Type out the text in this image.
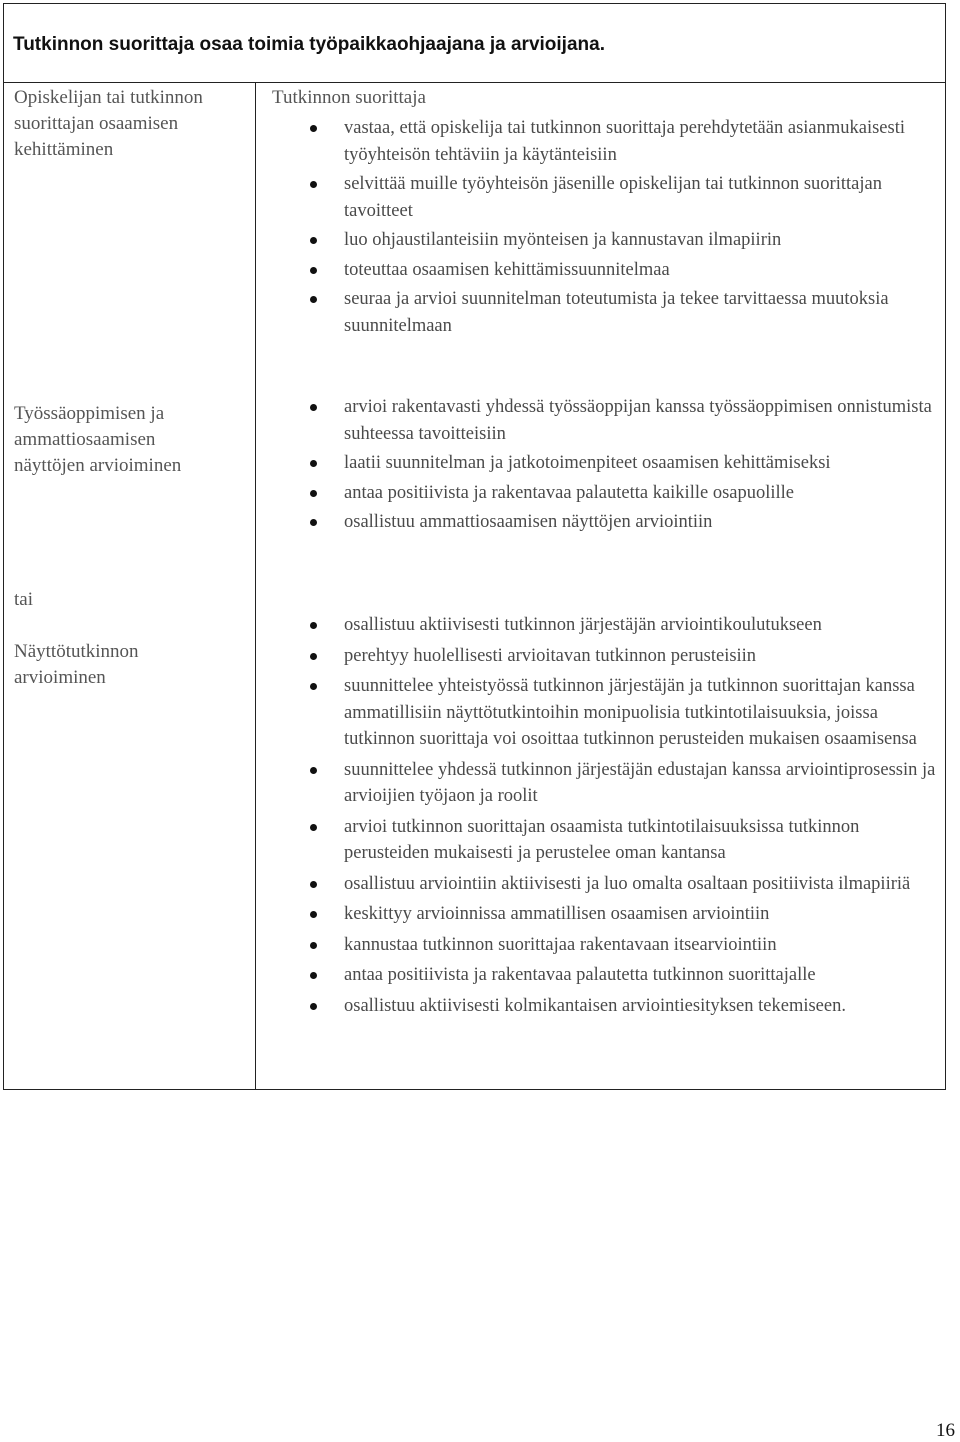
Tutkinnon suorittaja osaa toimia työpaikkaohjaajana ja arvioijana.
Opiskelijan tai tutkinnon
suorittajan osaamisen
kehittäminen
Tutkinnon suorittaja
vastaa, että opiskelija tai tutkinnon suorittaja perehdytetään asianmukaisesti työyhteisön tehtäviin ja käytänteisiin
selvittää muille työyhteisön jäsenille opiskelijan tai tutkinnon suorittajan tavoitteet
luo ohjaustilanteisiin myönteisen ja kannustavan ilmapiirin
toteuttaa osaamisen kehittämissuunnitelmaa
seuraa ja arvioi suunnitelman toteutumista ja tekee tarvittaessa muutoksia suunnitelmaan
Työssäoppimisen ja
ammattiosaamisen
näyttöjen arvioiminen
arvioi rakentavasti yhdessä työssäoppijan kanssa työssäoppimisen onnistumista suhteessa tavoitteisiin
laatii suunnitelman ja jatkotoimenpiteet osaamisen kehittämiseksi
antaa positiivista ja rakentavaa palautetta kaikille osapuolille
osallistuu ammattiosaamisen näyttöjen arviointiin
tai
Näyttötutkinnon
arvioiminen
osallistuu aktiivisesti tutkinnon järjestäjän arviointikoulutukseen
perehtyy huolellisesti arvioitavan tutkinnon perusteisiin
suunnittelee yhteistyössä tutkinnon järjestäjän ja tutkinnon suorittajan kanssa ammatillisiin näyttötutkintoihin monipuolisia tutkintotilaisuuksia, joissa tutkinnon suorittaja voi osoittaa tutkinnon perusteiden mukaisen osaamisensa
suunnittelee yhdessä tutkinnon järjestäjän edustajan kanssa arviointiprosessin ja arvioijien työjaon ja roolit
arvioi tutkinnon suorittajan osaamista tutkintotilaisuuksissa tutkinnon perusteiden mukaisesti ja perustelee oman kantansa
osallistuu arviointiin aktiivisesti ja luo omalta osaltaan positiivista ilmapiiriä
keskittyy arvioinnissa ammatillisen osaamisen arviointiin
kannustaa tutkinnon suorittajaa rakentavaan itsearviointiin
antaa positiivista ja rakentavaa palautetta tutkinnon suorittajalle
osallistuu aktiivisesti kolmikantaisen arviointiesityksen tekemiseen.
16
